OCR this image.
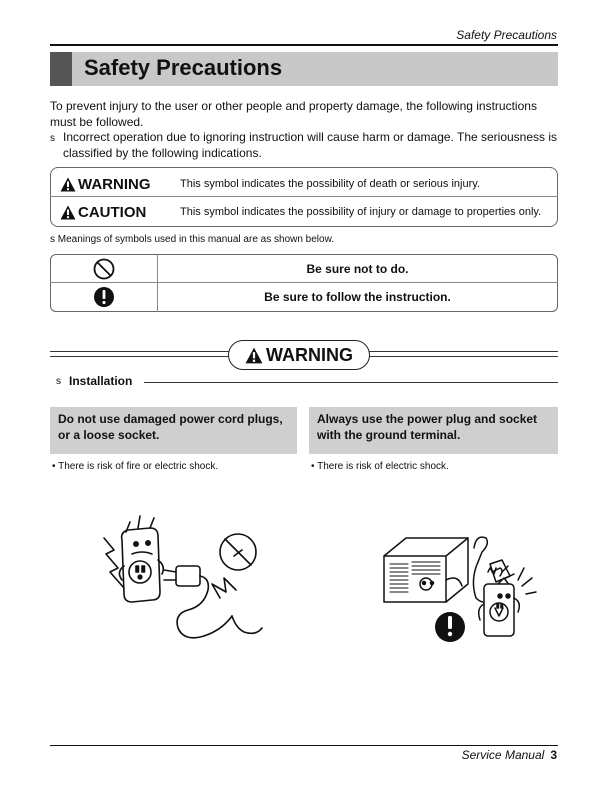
Safety Precautions
Safety Precautions
To prevent injury to the user or other people and property damage, the following instructions must be followed.
s Incorrect operation due to ignoring instruction will cause harm or damage. The seriousness is classified by the following indications.
WARNING	This symbol indicates the possibility of death or serious injury.
CAUTION	This symbol indicates the possibility of injury or damage to properties only.
s Meanings of symbols used in this manual are as shown below.
Be sure not to do.
Be sure to follow the instruction.
WARNING
s Installation
Do not use damaged power cord plugs, or a loose socket.
Always use the power plug and socket with the ground terminal.
• There is risk of fire or electric shock.	• There is risk of electric shock.
Service Manual 3
